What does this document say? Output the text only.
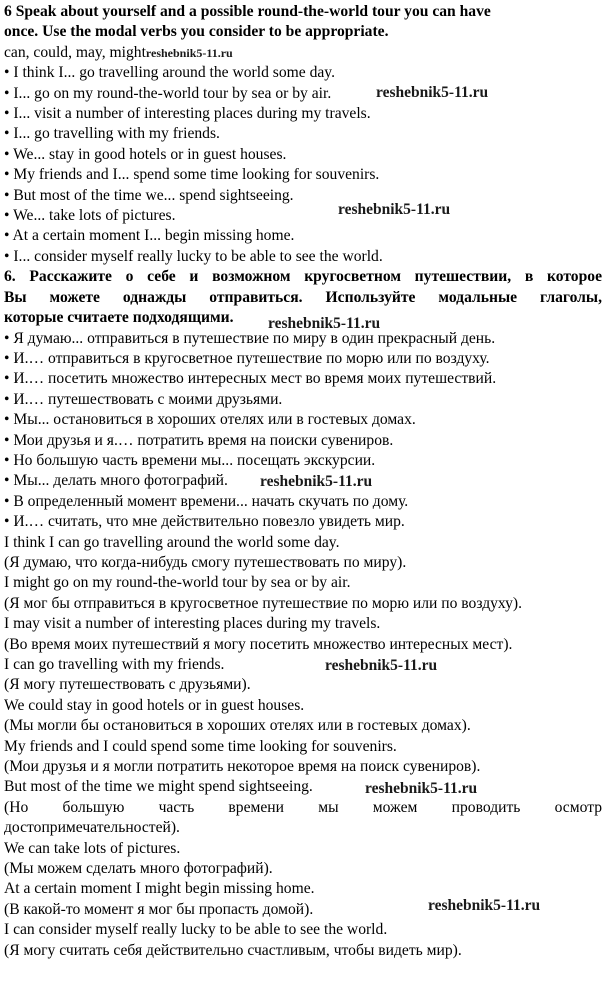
6 Speak about yourself and a possible round-the-world tour you can have
once. Use the modal verbs you consider to be appropriate.
can, could, may, mightreshebnik5-11.ru
• I think I... go travelling around the world some day.
• I... go on my round-the-world tour by sea or by air.
• I... visit a number of interesting places during my travels.
• I... go travelling with my friends.
• We... stay in good hotels or in guest houses.
• My friends and I... spend some time looking for souvenirs.
• But most of the time we... spend sightseeing.
• We... take lots of pictures.
• At a certain moment I... begin missing home.
• I... consider myself really lucky to be able to see the world.
6. Расскажите о себе и возможном кругосветном путешествии, в которое
Вы можете однажды отправиться. Используйте модальные глаголы,
которые считаете подходящими.
• Я думаю... отправиться в путешествие по миру в один прекрасный день.
• И.… отправиться в кругосветное путешествие по морю или по воздуху.
• И.… посетить множество интересных мест во время моих путешествий.
• И.… путешествовать с моими друзьями.
• Мы... остановиться в хороших отелях или в гостевых домах.
• Мои друзья и я.… потратить время на поиски сувениров.
• Но большую часть времени мы... посещать экскурсии.
• Мы... делать много фотографий.
• В определенный момент времени... начать скучать по дому.
• И.… считать, что мне действительно повезло увидеть мир.
I think I can go travelling around the world some day.
(Я думаю, что когда-нибудь смогу путешествовать по миру).
I might go on my round-the-world tour by sea or by air.
(Я мог бы отправиться в кругосветное путешествие по морю или по воздуху).
I may visit a number of interesting places during my travels.
(Во время моих путешествий я могу посетить множество интересных мест).
I can go travelling with my friends.
(Я могу путешествовать с друзьями).
We could stay in good hotels or in guest houses.
(Мы могли бы остановиться в хороших отелях или в гостевых домах).
My friends and I could spend some time looking for souvenirs.
(Мои друзья и я могли потратить некоторое время на поиск сувениров).
But most of the time we might spend sightseeing.
(Но большую часть времени мы можем проводить осмотр
достопримечательностей).
We can take lots of pictures.
(Мы можем сделать много фотографий).
At a certain moment I might begin missing home.
(В какой-то момент я мог бы пропасть домой).
I can consider myself really lucky to be able to see the world.
(Я могу считать себя действительно счастливым, чтобы видеть мир).
reshebnik5-11.ru
reshebnik5-11.ru
reshebnik5-11.ru
reshebnik5-11.ru
reshebnik5-11.ru
reshebnik5-11.ru
reshebnik5-11.ru
